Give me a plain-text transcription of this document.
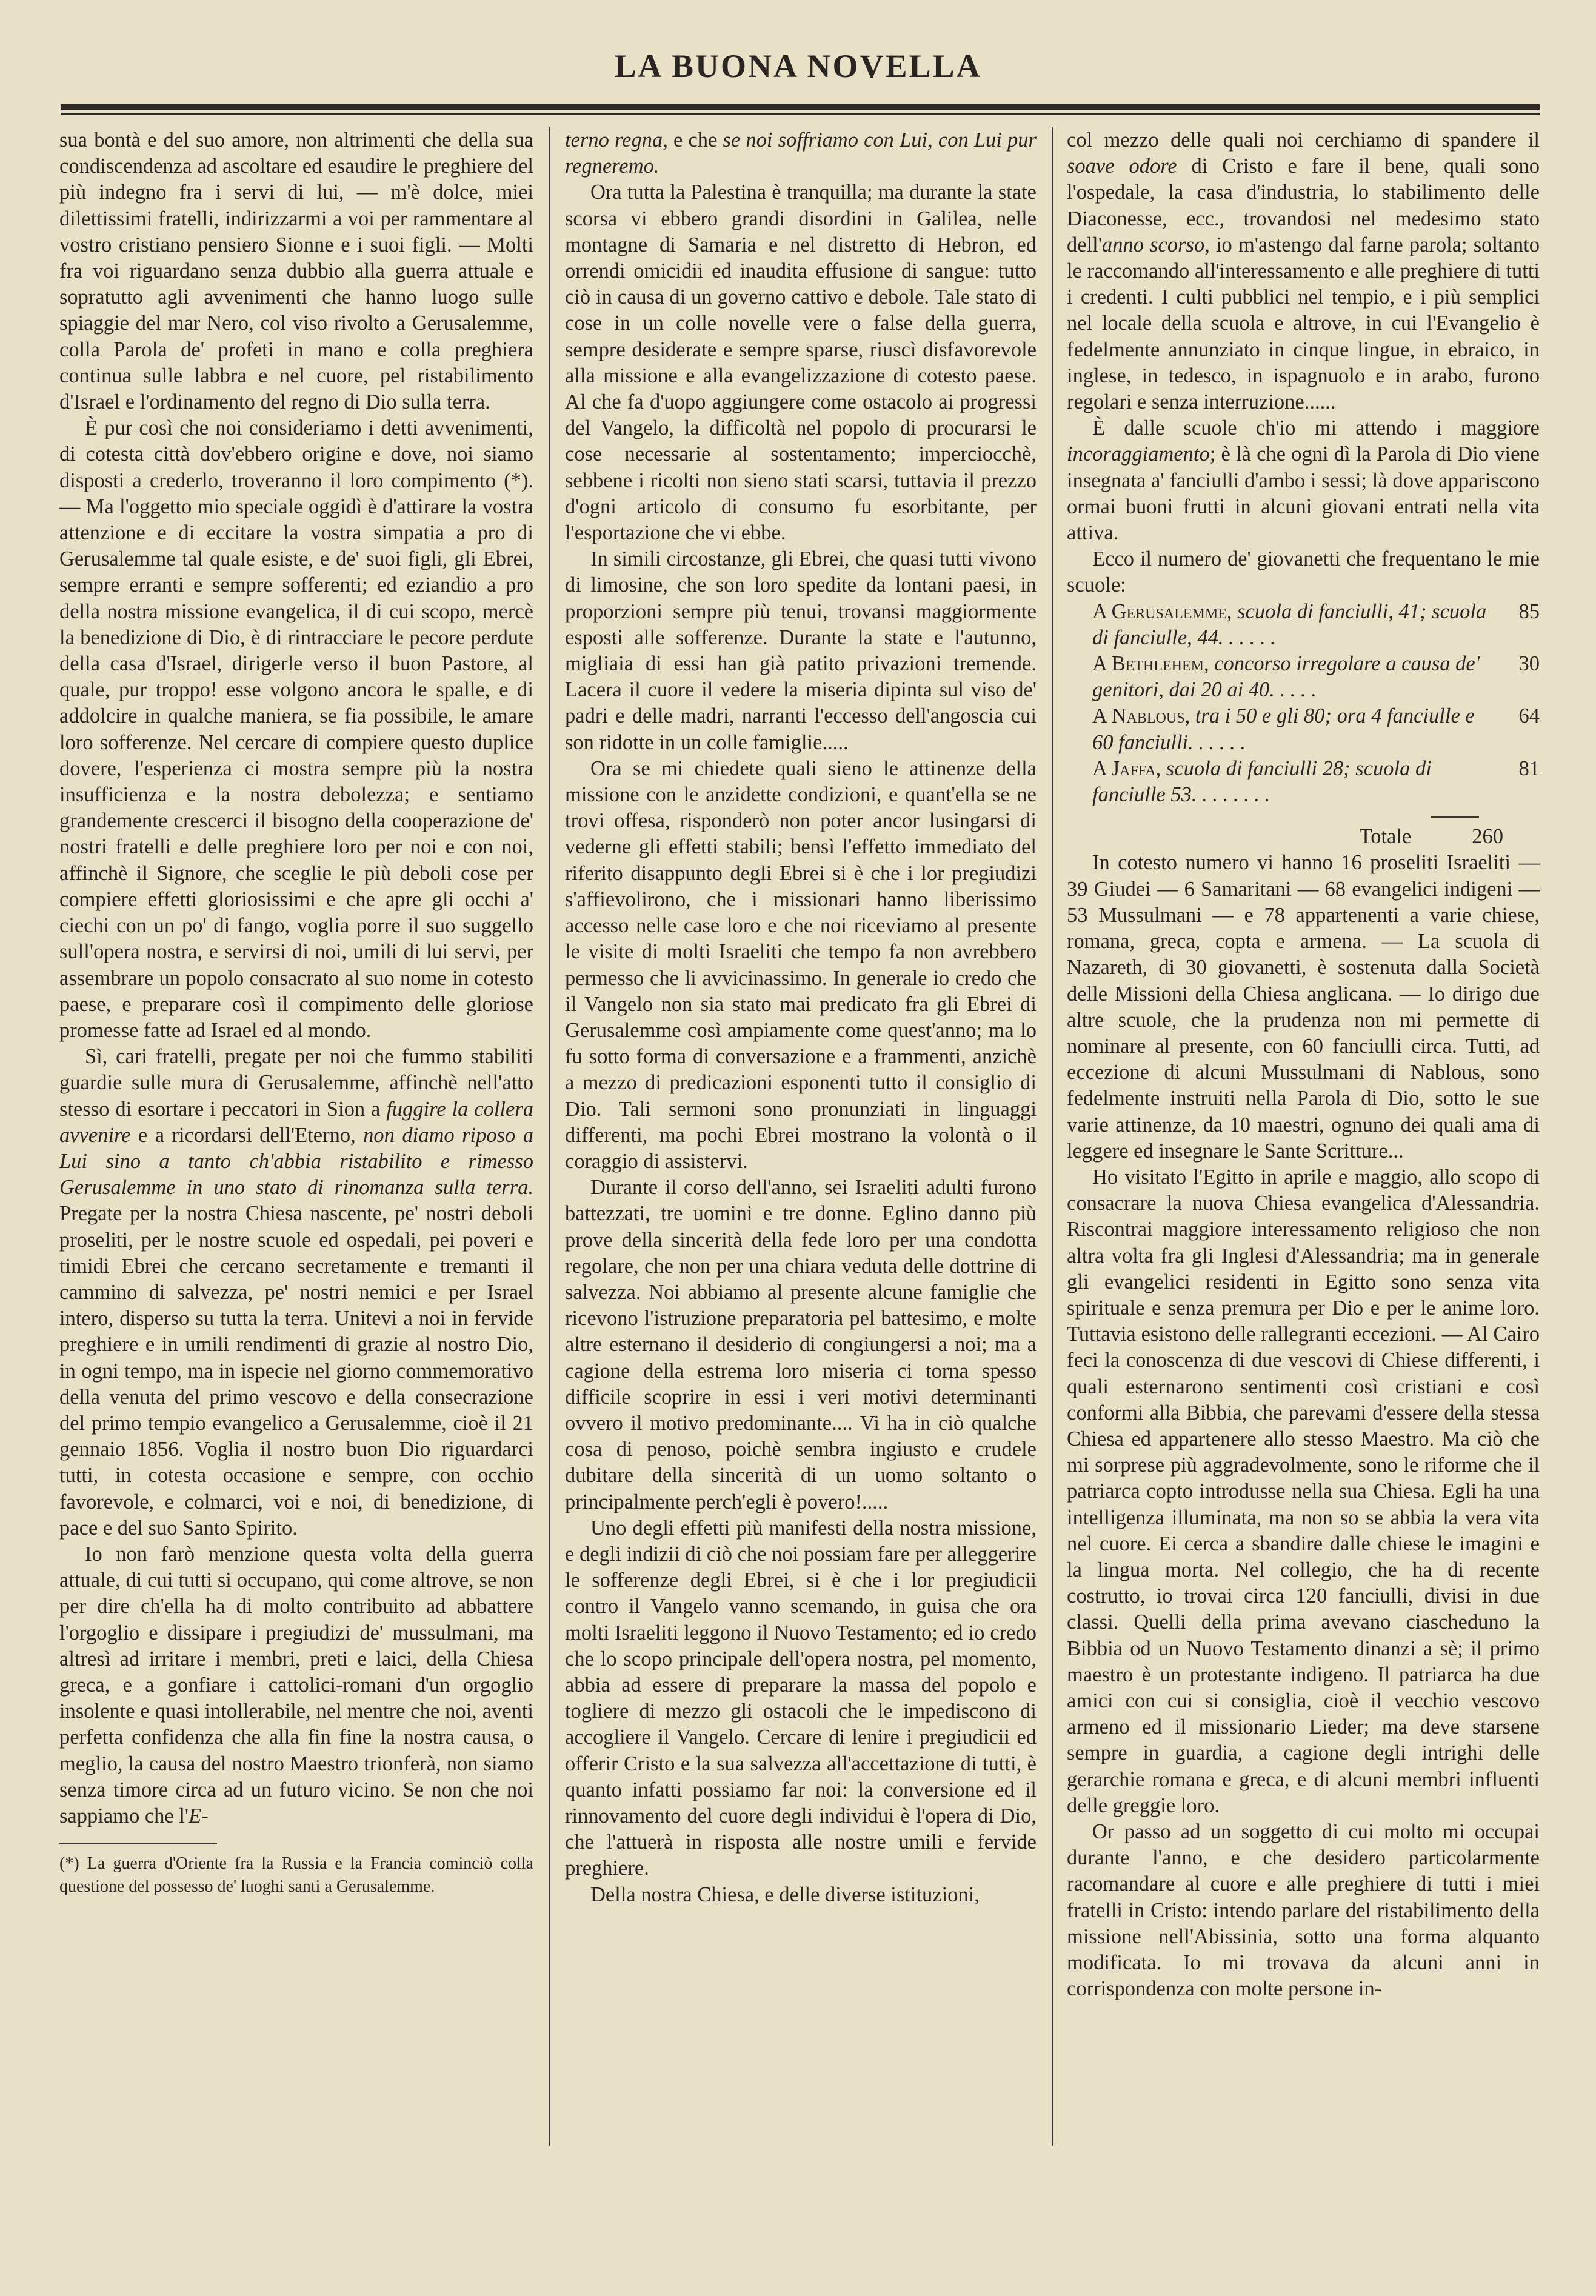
LA BUONA NOVELLA

sua bontà e del suo amore, non altrimenti che della sua condiscendenza ad ascoltare ed esaudire le preghiere del più indegno fra i servi di lui, — m'è dolce, miei dilettissimi fratelli, indirizzarmi a voi per rammentare al vostro cristiano pensiero Sionne e i suoi figli. — Molti fra voi riguardano senza dubbio alla guerra attuale e sopratutto agli avvenimenti che hanno luogo sulle spiaggie del mar Nero, col viso rivolto a Gerusalemme, colla Parola de' profeti in mano e colla preghiera continua sulle labbra e nel cuore, pel ristabilimento d'Israel e l'ordinamento del regno di Dio sulla terra.

È pur così che noi consideriamo i detti avvenimenti, di cotesta città dov'ebbero origine e dove, noi siamo disposti a crederlo, troveranno il loro compimento (*). — Ma l'oggetto mio speciale oggidì è d'attirare la vostra attenzione e di eccitare la vostra simpatia a pro di Gerusalemme tal quale esiste, e de' suoi figli, gli Ebrei, sempre erranti e sempre sofferenti; ed eziandio a pro della nostra missione evangelica, il di cui scopo, mercè la benedizione di Dio, è di rintracciare le pecore perdute della casa d'Israel, dirigerle verso il buon Pastore, al quale, pur troppo! esse volgono ancora le spalle, e di addolcire in qualche maniera, se fia possibile, le amare loro sofferenze. Nel cercare di compiere questo duplice dovere, l'esperienza ci mostra sempre più la nostra insufficienza e la nostra debolezza; e sentiamo grandemente crescerci il bisogno della cooperazione de' nostri fratelli e delle preghiere loro per noi e con noi, affinchè il Signore, che sceglie le più deboli cose per compiere effetti gloriosissimi e che apre gli occhi a' ciechi con un po' di fango, voglia porre il suo suggello sull'opera nostra, e servirsi di noi, umili di lui servi, per assembrare un popolo consacrato al suo nome in cotesto paese, e preparare così il compimento delle gloriose promesse fatte ad Israel ed al mondo.

Sì, cari fratelli, pregate per noi che fummo stabiliti guardie sulle mura di Gerusalemme, affinchè nell'atto stesso di esortare i peccatori in Sion a fuggire la collera avvenire e a ricordarsi dell'Eterno, non diamo riposo a Lui sino a tanto ch'abbia ristabilito e rimesso Gerusalemme in uno stato di rinomanza sulla terra. Pregate per la nostra Chiesa nascente, pe' nostri deboli proseliti, per le nostre scuole ed ospedali, pei poveri e timidi Ebrei che cercano secretamente e tremanti il cammino di salvezza, pe' nostri nemici e per Israel intero, disperso su tutta la terra. Unitevi a noi in fervide preghiere e in umili rendimenti di grazie al nostro Dio, in ogni tempo, ma in ispecie nel giorno commemorativo della venuta del primo vescovo e della consecrazione del primo tempio evangelico a Gerusalemme, cioè il 21 gennaio 1856. Voglia il nostro buon Dio riguardarci tutti, in cotesta occasione e sempre, con occhio favorevole, e colmarci, voi e noi, di benedizione, di pace e del suo Santo Spirito.

Io non farò menzione questa volta della guerra attuale, di cui tutti si occupano, qui come altrove, se non per dire ch'ella ha di molto contribuito ad abbattere l'orgoglio e dissipare i pregiudizi de' mussulmani, ma altresì ad irritare i membri, preti e laici, della Chiesa greca, e a gonfiare i cattolici-romani d'un orgoglio insolente e quasi intollerabile, nel mentre che noi, aventi perfetta confidenza che alla fin fine la nostra causa, o meglio, la causa del nostro Maestro trionferà, non siamo senza timore circa ad un futuro vicino. Se non che noi sappiamo che l'E-

(*) La guerra d'Oriente fra la Russia e la Francia cominciò colla questione del possesso de' luoghi santi a Gerusalemme.

terno regna, e che se noi soffriamo con Lui, con Lui pur regneremo.

Ora tutta la Palestina è tranquilla; ma durante la state scorsa vi ebbero grandi disordini in Galilea, nelle montagne di Samaria e nel distretto di Hebron, ed orrendi omicidii ed inaudita effusione di sangue: tutto ciò in causa di un governo cattivo e debole. Tale stato di cose in un colle novelle vere o false della guerra, sempre desiderate e sempre sparse, riuscì disfavorevole alla missione e alla evangelizzazione di cotesto paese. Al che fa d'uopo aggiungere come ostacolo ai progressi del Vangelo, la difficoltà nel popolo di procurarsi le cose necessarie al sostentamento; imperciocchè, sebbene i ricolti non sieno stati scarsi, tuttavia il prezzo d'ogni articolo di consumo fu esorbitante, per l'esportazione che vi ebbe.

In simili circostanze, gli Ebrei, che quasi tutti vivono di limosine, che son loro spedite da lontani paesi, in proporzioni sempre più tenui, trovansi maggiormente esposti alle sofferenze. Durante la state e l'autunno, migliaia di essi han già patito privazioni tremende. Lacera il cuore il vedere la miseria dipinta sul viso de' padri e delle madri, narranti l'eccesso dell'angoscia cui son ridotte in un colle famiglie.....

Ora se mi chiedete quali sieno le attinenze della missione con le anzidette condizioni, e quant'ella se ne trovi offesa, risponderò non poter ancor lusingarsi di vederne gli effetti stabili; bensì l'effetto immediato del riferito disappunto degli Ebrei si è che i lor pregiudizi s'affievolirono, che i missionari hanno liberissimo accesso nelle case loro e che noi riceviamo al presente le visite di molti Israeliti che tempo fa non avrebbero permesso che li avvicinassimo. In generale io credo che il Vangelo non sia stato mai predicato fra gli Ebrei di Gerusalemme così ampiamente come quest'anno; ma lo fu sotto forma di conversazione e a frammenti, anzichè a mezzo di predicazioni esponenti tutto il consiglio di Dio. Tali sermoni sono pronunziati in linguaggi differenti, ma pochi Ebrei mostrano la volontà o il coraggio di assistervi.

Durante il corso dell'anno, sei Israeliti adulti furono battezzati, tre uomini e tre donne. Eglino danno più prove della sincerità della fede loro per una condotta regolare, che non per una chiara veduta delle dottrine di salvezza. Noi abbiamo al presente alcune famiglie che ricevono l'istruzione preparatoria pel battesimo, e molte altre esternano il desiderio di congiungersi a noi; ma a cagione della estrema loro miseria ci torna spesso difficile scoprire in essi i veri motivi determinanti ovvero il motivo predominante.... Vi ha in ciò qualche cosa di penoso, poichè sembra ingiusto e crudele dubitare della sincerità di un uomo soltanto o principalmente perch'egli è povero!.....

Uno degli effetti più manifesti della nostra missione, e degli indizii di ciò che noi possiam fare per alleggerire le sofferenze degli Ebrei, si è che i lor pregiudicii contro il Vangelo vanno scemando, in guisa che ora molti Israeliti leggono il Nuovo Testamento; ed io credo che lo scopo principale dell'opera nostra, pel momento, abbia ad essere di preparare la massa del popolo e togliere di mezzo gli ostacoli che le impediscono di accogliere il Vangelo. Cercare di lenire i pregiudicii ed offerir Cristo e la sua salvezza all'accettazione di tutti, è quanto infatti possiamo far noi: la conversione ed il rinnovamento del cuore degli individui è l'opera di Dio, che l'attuerà in risposta alle nostre umili e fervide preghiere.

Della nostra Chiesa, e delle diverse istituzioni,

col mezzo delle quali noi cerchiamo di spandere il soave odore di Cristo e fare il bene, quali sono l'ospedale, la casa d'industria, lo stabilimento delle Diaconesse, ecc., trovandosi nel medesimo stato dell'anno scorso, io m'astengo dal farne parola; soltanto le raccomando all'interessamento e alle preghiere di tutti i credenti. I culti pubblici nel tempio, e i più semplici nel locale della scuola e altrove, in cui l'Evangelio è fedelmente annunziato in cinque lingue, in ebraico, in inglese, in tedesco, in ispagnuolo e in arabo, furono regolari e senza interruzione......

È dalle scuole ch'io mi attendo i maggiore incoraggiamento; è là che ogni dì la Parola di Dio viene insegnata a' fanciulli d'ambo i sessi; là dove appariscono ormai buoni frutti in alcuni giovani entrati nella vita attiva.

Ecco il numero de' giovanetti che frequentano le mie scuole:

A Gerusalemme, scuola di fanciulli, 41; scuola di fanciulle, 44. . . . . .
85

A Bethlehem, concorso irregolare a causa de' genitori, dai 20 ai 40. . . . .
30

A Nablous, tra i 50 e gli 80; ora 4 fanciulle e 60 fanciulli. . . . . .
64

A Jaffa, scuola di fanciulli 28; scuola di fanciulle 53. . . . . . . .
81

Totale	260

In cotesto numero vi hanno 16 proseliti Israeliti — 39 Giudei — 6 Samaritani — 68 evangelici indigeni — 53 Mussulmani — e 78 appartenenti a varie chiese, romana, greca, copta e armena. — La scuola di Nazareth, di 30 giovanetti, è sostenuta dalla Società delle Missioni della Chiesa anglicana. — Io dirigo due altre scuole, che la prudenza non mi permette di nominare al presente, con 60 fanciulli circa. Tutti, ad eccezione di alcuni Mussulmani di Nablous, sono fedelmente instruiti nella Parola di Dio, sotto le sue varie attinenze, da 10 maestri, ognuno dei quali ama di leggere ed insegnare le Sante Scritture...

Ho visitato l'Egitto in aprile e maggio, allo scopo di consacrare la nuova Chiesa evangelica d'Alessandria. Riscontrai maggiore interessamento religioso che non altra volta fra gli Inglesi d'Alessandria; ma in generale gli evangelici residenti in Egitto sono senza vita spirituale e senza premura per Dio e per le anime loro. Tuttavia esistono delle rallegranti eccezioni. — Al Cairo feci la conoscenza di due vescovi di Chiese differenti, i quali esternarono sentimenti così cristiani e così conformi alla Bibbia, che parevami d'essere della stessa Chiesa ed appartenere allo stesso Maestro. Ma ciò che mi sorprese più aggradevolmente, sono le riforme che il patriarca copto introdusse nella sua Chiesa. Egli ha una intelligenza illuminata, ma non so se abbia la vera vita nel cuore. Ei cerca a sbandire dalle chiese le imagini e la lingua morta. Nel collegio, che ha di recente costrutto, io trovai circa 120 fanciulli, divisi in due classi. Quelli della prima avevano ciascheduno la Bibbia od un Nuovo Testamento dinanzi a sè; il primo maestro è un protestante indigeno. Il patriarca ha due amici con cui si consiglia, cioè il vecchio vescovo armeno ed il missionario Lieder; ma deve starsene sempre in guardia, a cagione degli intrighi delle gerarchie romana e greca, e di alcuni membri influenti delle greggie loro.

Or passo ad un soggetto di cui molto mi occupai durante l'anno, e che desidero particolarmente racomandare al cuore e alle preghiere di tutti i miei fratelli in Cristo: intendo parlare del ristabilimento della missione nell'Abissinia, sotto una forma alquanto modificata. Io mi trovava da alcuni anni in corrispondenza con molte persone in-
